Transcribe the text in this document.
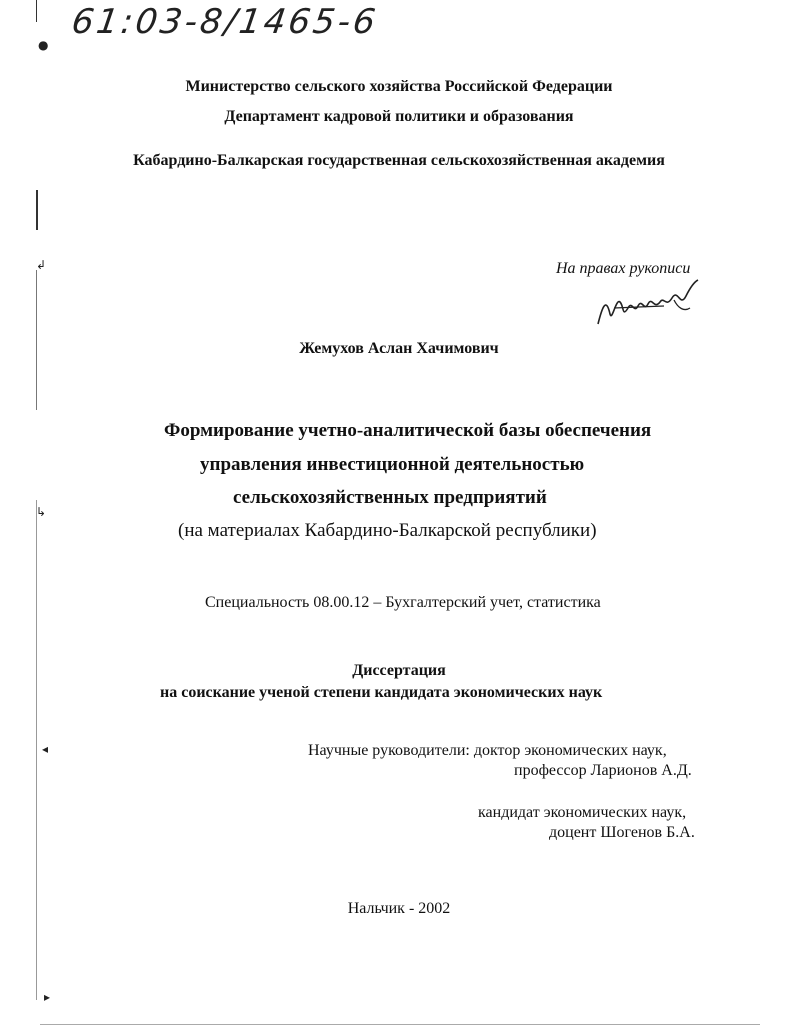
61:03-8/1465-6
●
↲
↳
◂
▸
Министерство сельского хозяйства Российской Федерации
Департамент кадровой политики и образования
Кабардино-Балкарская государственная сельскохозяйственная академия
На правах рукописи
Жемухов Аслан Хачимович
Формирование учетно-аналитической базы обеспечения
управления инвестиционной деятельностью
сельскохозяйственных предприятий
(на материалах Кабардино-Балкарской республики)
Специальность 08.00.12 – Бухгалтерский учет, статистика
Диссертация
на соискание ученой степени кандидата экономических наук
Научные руководители: доктор экономических наук,
профессор Ларионов А.Д.
кандидат экономических наук,
доцент Шогенов Б.А.
Нальчик - 2002
